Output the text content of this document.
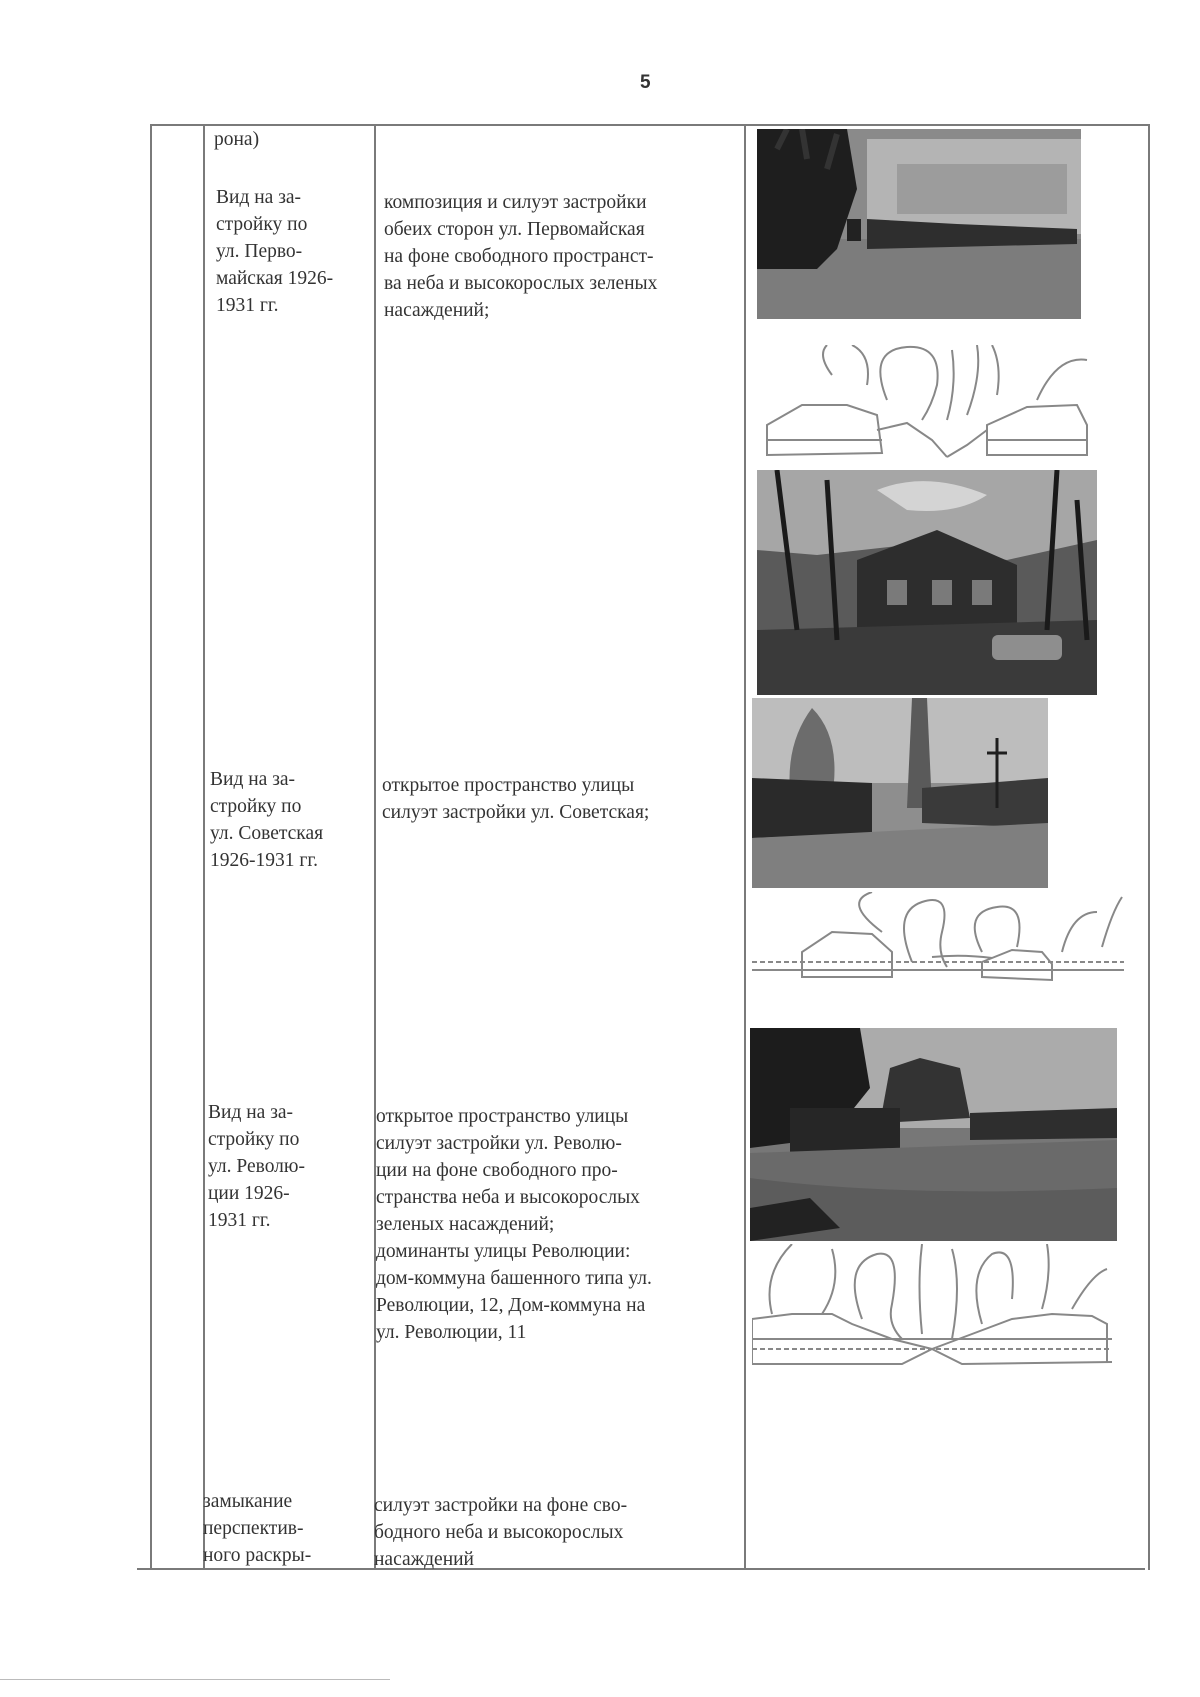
5
рона)
Вид на за-
стройку по
ул. Перво-
майская 1926-
1931 гг.
композиция и силуэт застройки
обеих сторон ул. Первомайская
на фоне свободного пространст-
ва неба и высокорослых зеленых
насаждений;
Вид на за-
стройку по
ул. Советская
1926-1931 гг.
открытое пространство улицы
силуэт застройки ул. Советская;
Вид на за-
стройку по
ул. Револю-
ции 1926-
1931 гг.
открытое пространство улицы
силуэт застройки ул. Револю-
ции на фоне свободного про-
странства неба и высокорослых
зеленых насаждений;
доминанты улицы Революции:
дом-коммуна башенного типа ул.
Революции, 12, Дом-коммуна на
ул. Революции, 11
замыкание
перспектив-
ного раскры-
силуэт застройки на фоне сво-
бодного неба и высокорослых
насаждений
